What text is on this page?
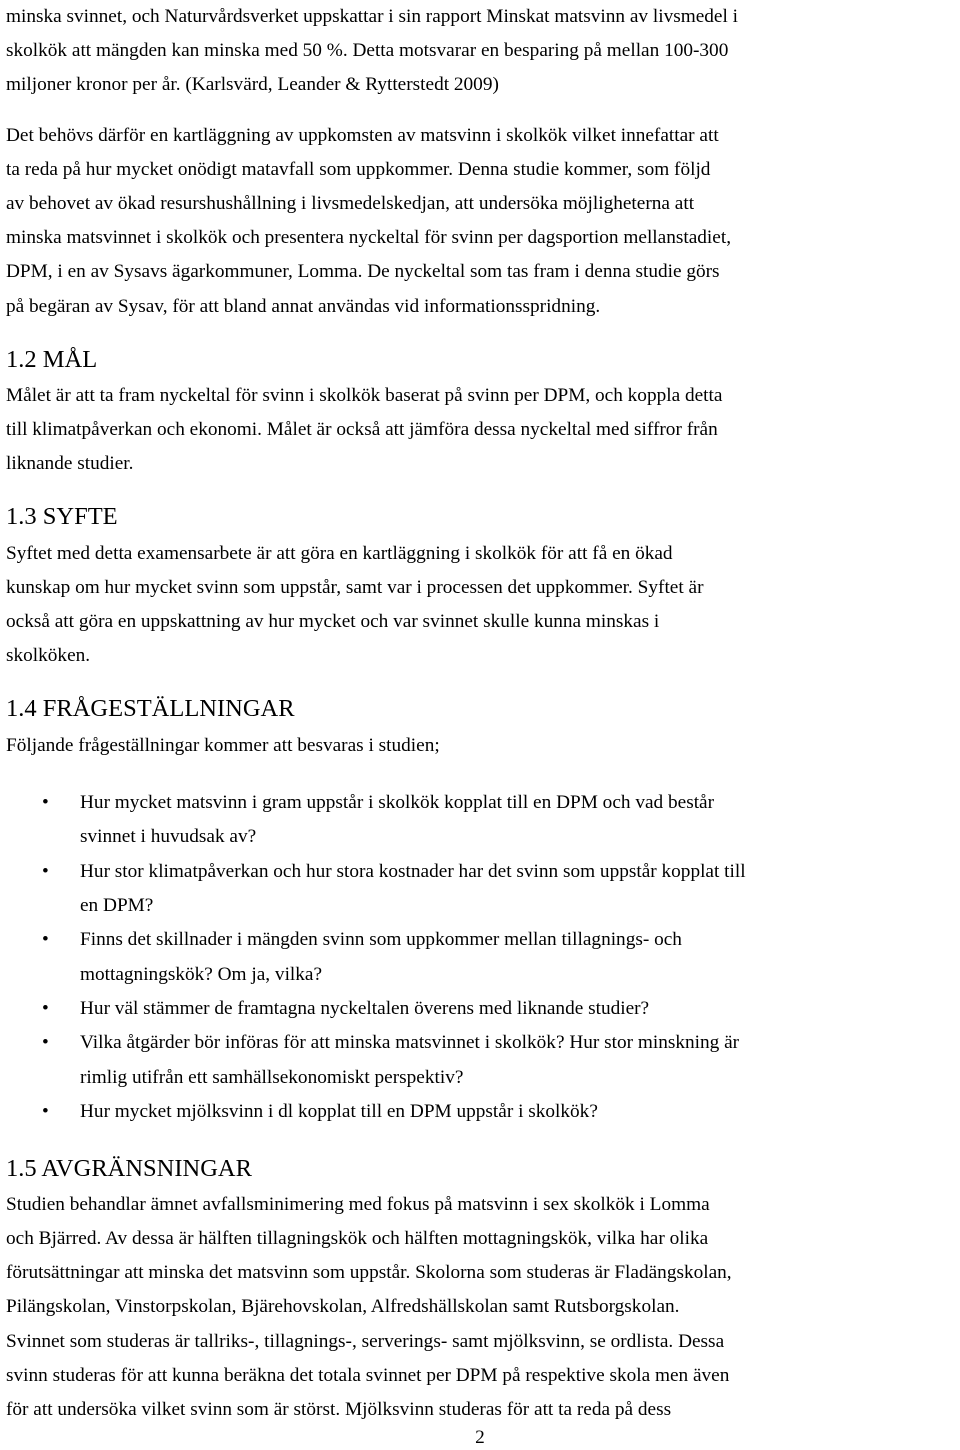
minska svinnet, och Naturvårdsverket uppskattar i sin rapport Minskat matsvinn av livsmedel i
skolkök att mängden kan minska med 50 %. Detta motsvarar en besparing på mellan 100-300
miljoner kronor per år. (Karlsvärd, Leander & Rytterstedt 2009)
Det behövs därför en kartläggning av uppkomsten av matsvinn i skolkök vilket innefattar att
ta reda på hur mycket onödigt matavfall som uppkommer. Denna studie kommer, som följd
av behovet av ökad resurshushållning i livsmedelskedjan, att undersöka möjligheterna att
minska matsvinnet i skolkök och presentera nyckeltal för svinn per dagsportion mellanstadiet,
DPM, i en av Sysavs ägarkommuner, Lomma. De nyckeltal som tas fram i denna studie görs
på begäran av Sysav, för att bland annat användas vid informationsspridning.
1.2 MÅL
Målet är att ta fram nyckeltal för svinn i skolkök baserat på svinn per DPM, och koppla detta
till klimatpåverkan och ekonomi. Målet är också att jämföra dessa nyckeltal med siffror från
liknande studier.
1.3 SYFTE
Syftet med detta examensarbete är att göra en kartläggning i skolkök för att få en ökad
kunskap om hur mycket svinn som uppstår, samt var i processen det uppkommer. Syftet är
också att göra en uppskattning av hur mycket och var svinnet skulle kunna minskas i
skolköken.
1.4 FRÅGESTÄLLNINGAR
Följande frågeställningar kommer att besvaras i studien;
•
Hur mycket matsvinn i gram uppstår i skolkök kopplat till en DPM och vad består
svinnet i huvudsak av?
•
Hur stor klimatpåverkan och hur stora kostnader har det svinn som uppstår kopplat till
en DPM?
•
Finns det skillnader i mängden svinn som uppkommer mellan tillagnings- och
mottagningskök? Om ja, vilka?
•
Hur väl stämmer de framtagna nyckeltalen överens med liknande studier?
•
Vilka åtgärder bör införas för att minska matsvinnet i skolkök? Hur stor minskning är
rimlig utifrån ett samhällsekonomiskt perspektiv?
•
Hur mycket mjölksvinn i dl kopplat till en DPM uppstår i skolkök?
1.5 AVGRÄNSNINGAR
Studien behandlar ämnet avfallsminimering med fokus på matsvinn i sex skolkök i Lomma
och Bjärred. Av dessa är hälften tillagningskök och hälften mottagningskök, vilka har olika
förutsättningar att minska det matsvinn som uppstår. Skolorna som studeras är Fladängskolan,
Pilängskolan, Vinstorpskolan, Bjärehovskolan, Alfredshällskolan samt Rutsborgskolan.
Svinnet som studeras är tallriks-, tillagnings-, serverings- samt mjölksvinn, se ordlista. Dessa
svinn studeras för att kunna beräkna det totala svinnet per DPM på respektive skola men även
för att undersöka vilket svinn som är störst. Mjölksvinn studeras för att ta reda på dess
2
